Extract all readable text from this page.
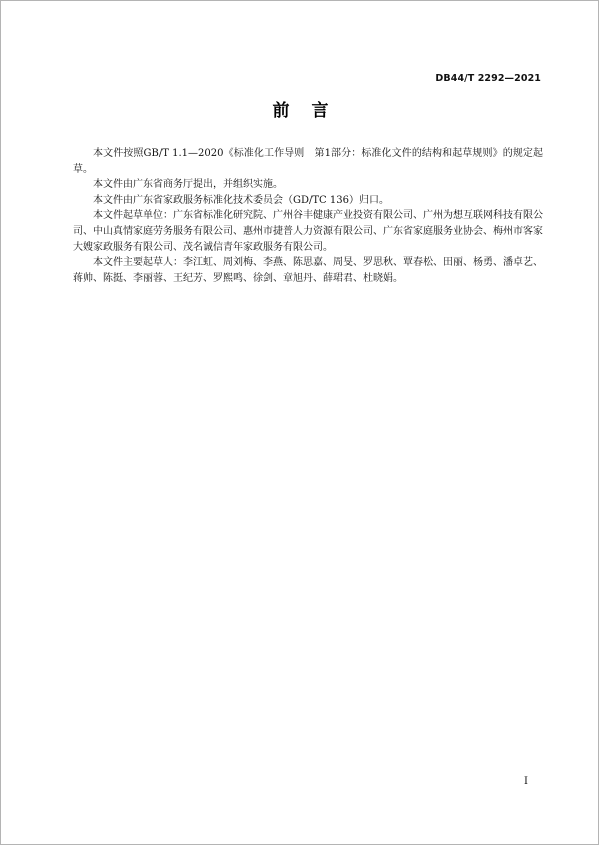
DB44/T 2292—2021
前言

本文件按照GB/T 1.1—2020《标准化工作导则　第1部分：标准化文件的结构和起草规则》的规定起草。

本文件由广东省商务厅提出，并组织实施。

本文件由广东省家政服务标准化技术委员会（GD/TC 136）归口。

本文件起草单位：广东省标准化研究院、广州谷丰健康产业投资有限公司、广州为想互联网科技有限公司、中山真情家庭劳务服务有限公司、惠州市捷普人力资源有限公司、广东省家庭服务业协会、梅州市客家大嫂家政服务有限公司、茂名诚信青年家政服务有限公司。

本文件主要起草人：李江虹、周刘梅、李燕、陈思嘉、周旻、罗思秋、覃春松、田丽、杨勇、潘卓艺、蒋帅、陈挺、李丽蓉、王纪芳、罗熙鸣、徐剑、章旭丹、薛珺君、杜晓娟。

I
